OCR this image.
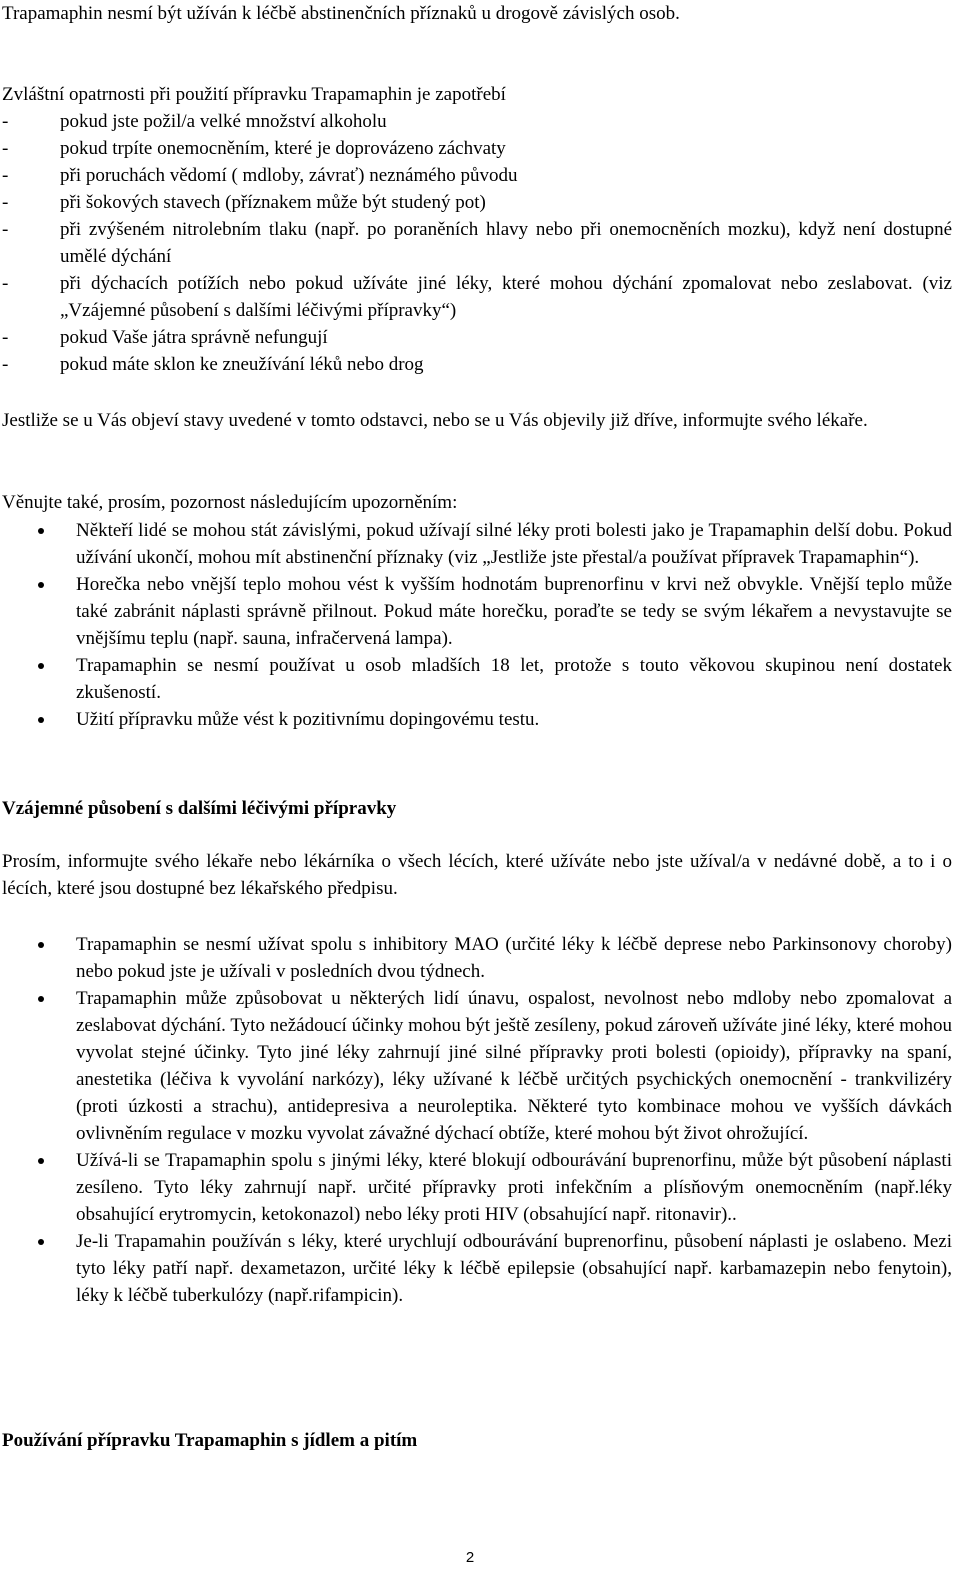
Trapamaphin nesmí být užíván k léčbě abstinenčních příznaků u drogově závislých osob.
Zvláštní opatrnosti při použití přípravku Trapamaphin je zapotřebí
-	pokud jste požil/a velké množství alkoholu
-	pokud trpíte onemocněním, které je doprovázeno záchvaty
-	při poruchách vědomí ( mdloby, závrať) neznámého původu
-	při šokových stavech (příznakem může být studený pot)
-	při zvýšeném nitrolebním tlaku (např. po poraněních hlavy nebo při onemocněních mozku), když není dostupné umělé dýchání
-	při dýchacích potížích nebo pokud užíváte jiné léky, které mohou dýchání zpomalovat nebo zeslabovat. (viz „Vzájemné působení s dalšími léčivými přípravky“)
-	pokud Vaše játra správně nefungují
-	pokud máte sklon ke zneužívání léků nebo drog
Jestliže se u Vás objeví stavy uvedené v tomto odstavci, nebo se u Vás objevily již dříve, informujte svého lékaře.
Věnujte také, prosím, pozornost následujícím upozorněním:
Někteří lidé se mohou stát závislými, pokud užívají silné léky proti bolesti jako je Trapamaphin delší dobu. Pokud užívání ukončí, mohou mít abstinenční příznaky (viz „Jestliže jste přestal/a používat přípravek Trapamaphin“).
Horečka nebo vnější teplo mohou vést k vyšším hodnotám buprenorfinu v krvi než obvykle. Vnější teplo může také zabránit náplasti správně přilnout. Pokud máte horečku, poraďte se tedy se svým lékařem a nevystavujte se vnějšímu teplu (např. sauna, infračervená lampa).
Trapamaphin se nesmí používat u osob mladších 18 let, protože s touto věkovou skupinou není dostatek zkušeností.
Užití přípravku může vést k pozitivnímu dopingovému testu.
Vzájemné působení s dalšími léčivými přípravky
Prosím, informujte svého lékaře nebo lékárníka o všech lécích, které užíváte nebo jste užíval/a v nedávné době, a to i o lécích, které jsou dostupné bez lékařského předpisu.
Trapamaphin se nesmí užívat spolu s inhibitory MAO (určité léky k léčbě deprese nebo Parkinsonovy choroby) nebo pokud jste je užívali v posledních dvou týdnech.
Trapamaphin může způsobovat u některých lidí únavu, ospalost, nevolnost nebo mdloby nebo zpomalovat a zeslabovat dýchání. Tyto nežádoucí účinky mohou být ještě zesíleny, pokud zároveň užíváte jiné léky, které mohou vyvolat stejné účinky. Tyto jiné léky zahrnují jiné silné přípravky proti bolesti (opioidy), přípravky na spaní, anestetika (léčiva k vyvolání narkózy), léky užívané k léčbě určitých psychických onemocnění - trankvilizéry (proti úzkosti a strachu), antidepresiva a neuroleptika. Některé tyto kombinace mohou ve vyšších dávkách ovlivněním regulace v mozku vyvolat závažné dýchací obtíže, které mohou být život ohrožující.
Užívá-li se Trapamaphin spolu s jinými léky, které blokují odbourávání buprenorfinu, může být působení náplasti zesíleno. Tyto léky zahrnují např. určité přípravky proti infekčním a plísňovým onemocněním (např.léky obsahující erytromycin, ketokonazol) nebo léky proti HIV (obsahující např. ritonavir)..
Je-li Trapamahin používán s léky, které urychlují odbourávání buprenorfinu, působení náplasti je oslabeno. Mezi tyto léky patří např. dexametazon, určité léky k léčbě epilepsie (obsahující např. karbamazepin nebo fenytoin), léky k léčbě tuberkulózy (např.rifampicin).
Používání přípravku Trapamaphin s jídlem a pitím
2
